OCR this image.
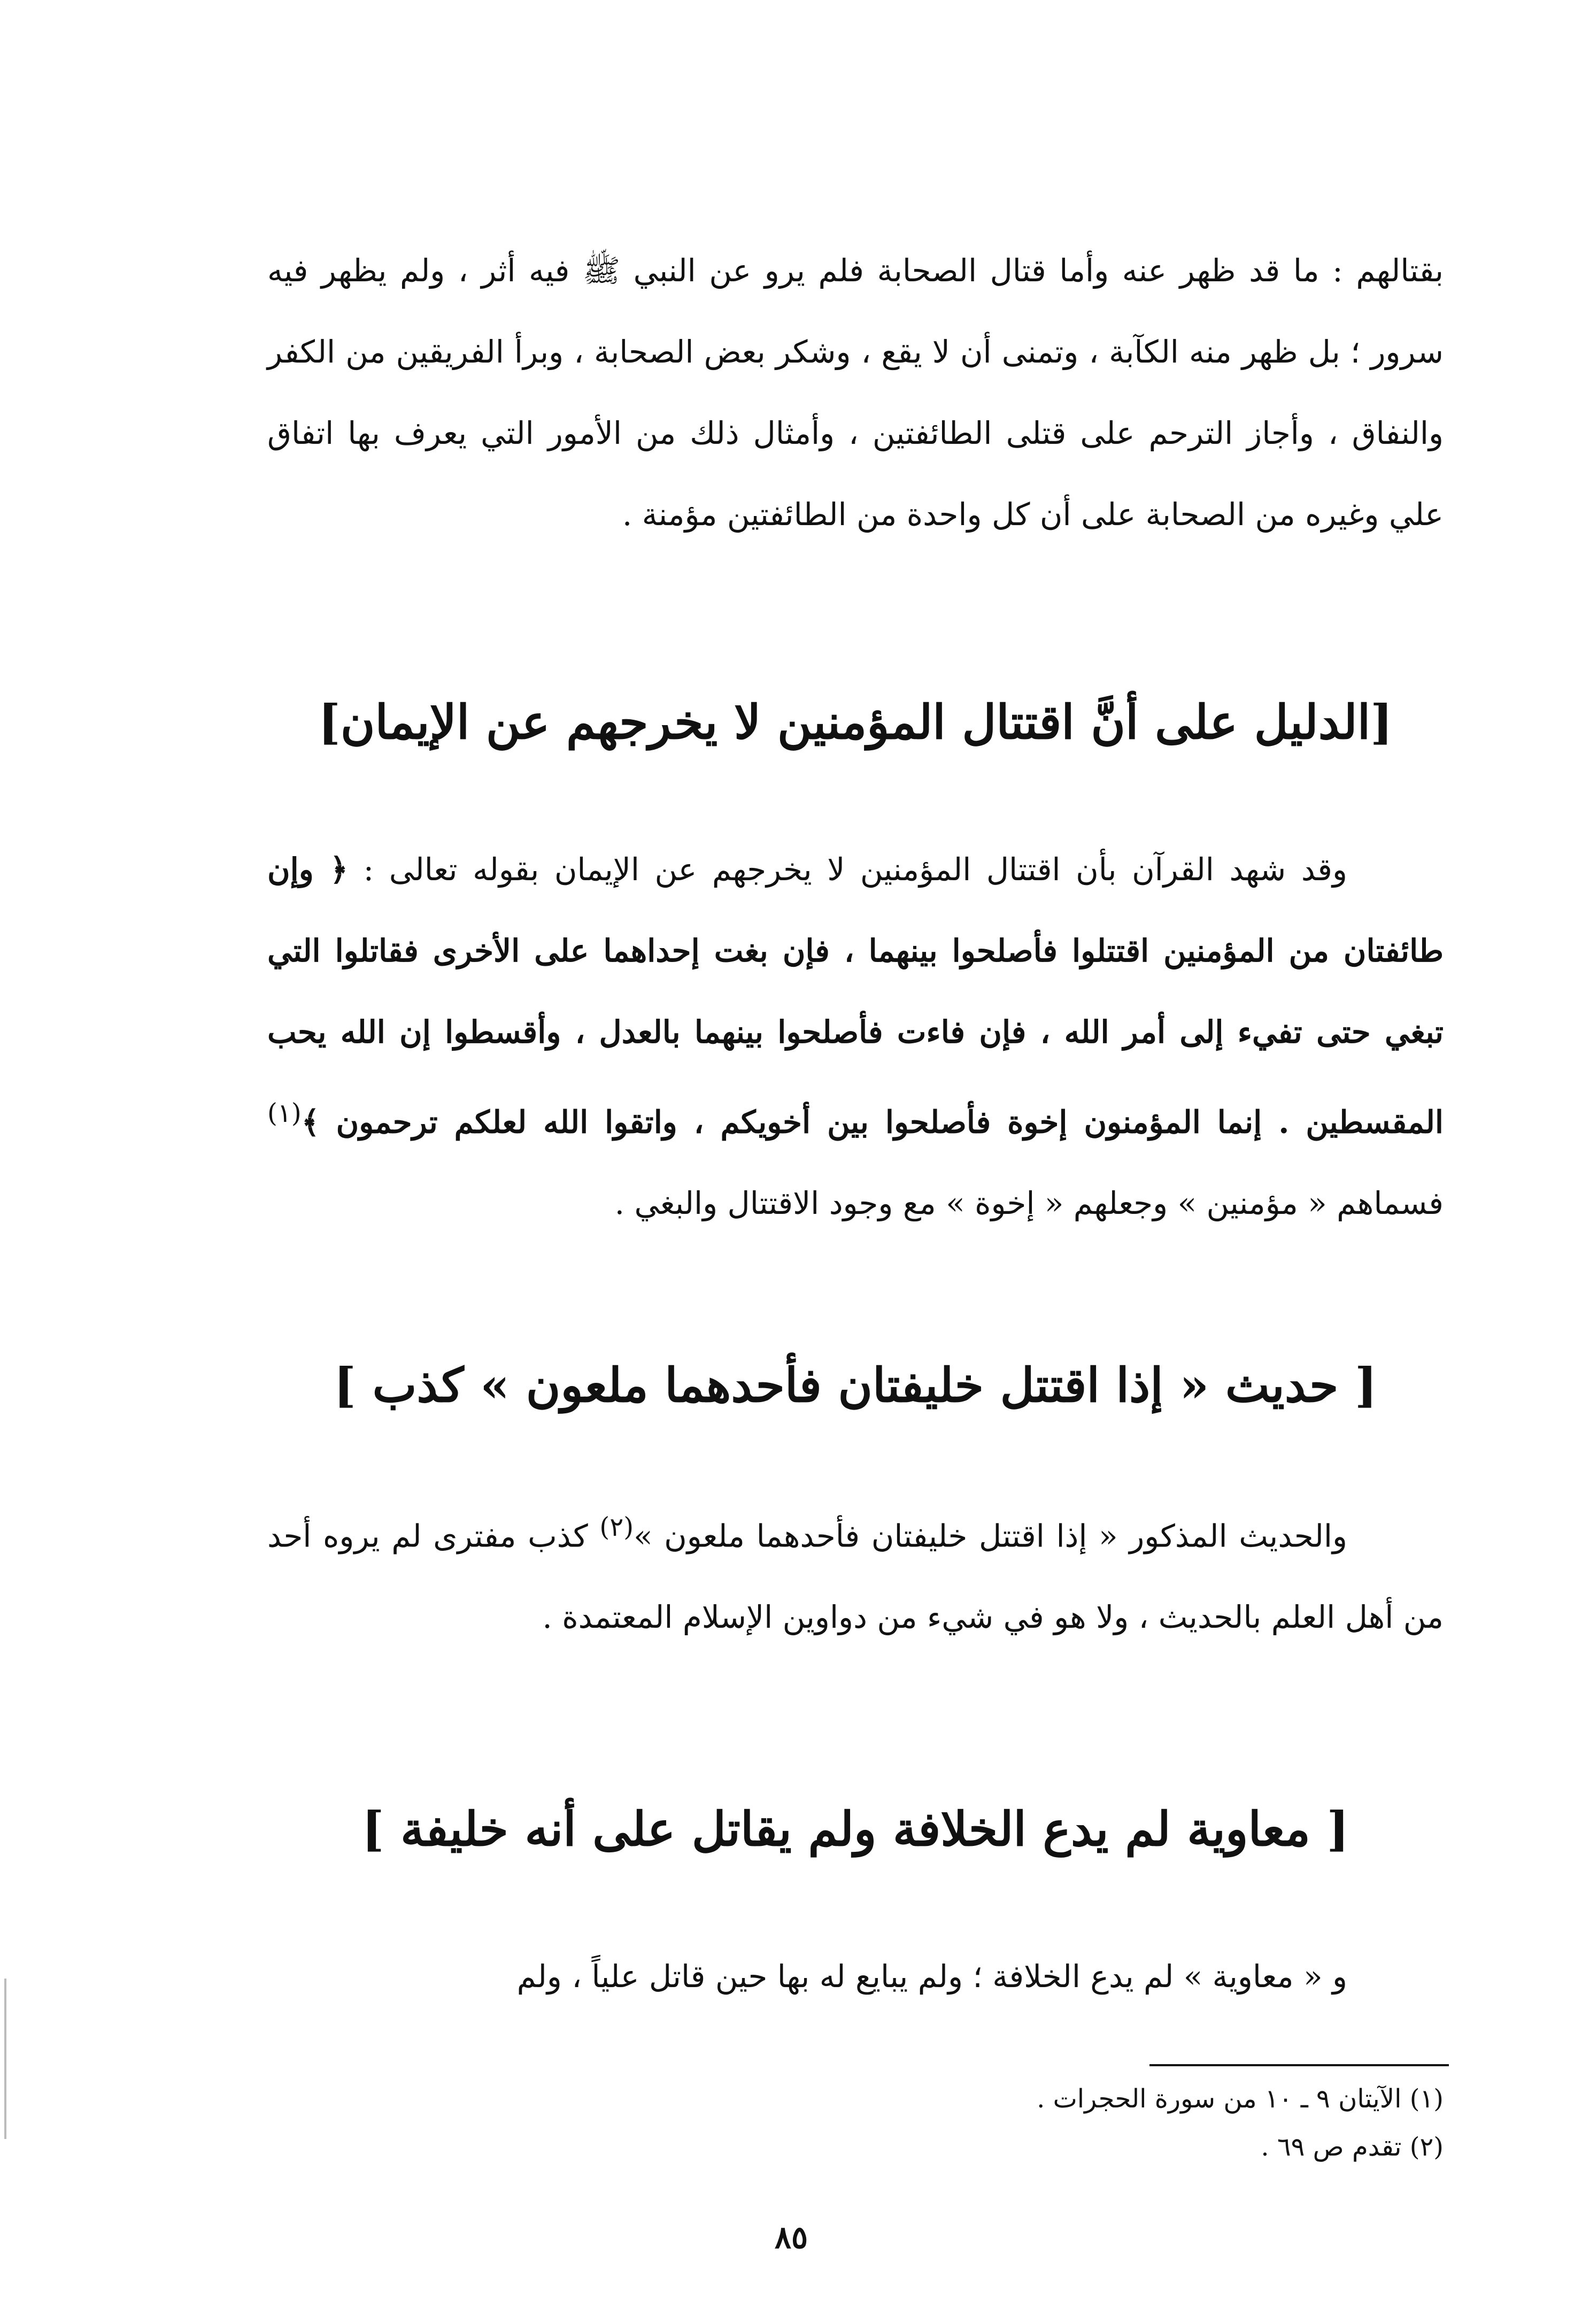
بقتالهم : ما قد ظهر عنه وأما قتال الصحابة فلم يرو عن النبي ﷺ فيه أثر ، ولم يظهر فيه سرور ؛ بل ظهر منه الكآبة ، وتمنى أن لا يقع ، وشكر بعض الصحابة ، وبرأ الفريقين من الكفر والنفاق ، وأجاز الترحم على قتلى الطائفتين ، وأمثال ذلك من الأمور التي يعرف بها اتفاق علي وغيره من الصحابة على أن كل واحدة من الطائفتين مؤمنة .

[الدليل على أنَّ اقتتال المؤمنين لا يخرجهم عن الإيمان]

وقد شهد القرآن بأن اقتتال المؤمنين لا يخرجهم عن الإيمان بقوله تعالى : ﴿ وإن طائفتان من المؤمنين اقتتلوا فأصلحوا بينهما ، فإن بغت إحداهما على الأخرى فقاتلوا التي تبغي حتى تفيء إلى أمر الله ، فإن فاءت فأصلحوا بينهما بالعدل ، وأقسطوا إن الله يحب المقسطين . إنما المؤمنون إخوة فأصلحوا بين أخويكم ، واتقوا الله لعلكم ترحمون ﴾$^{(١)}$ فسماهم « مؤمنين » وجعلهم « إخوة » مع وجود الاقتتال والبغي .

[ حديث « إذا اقتتل خليفتان فأحدهما ملعون » كذب ]

والحديث المذكور « إذا اقتتل خليفتان فأحدهما ملعون »$^{(٢)}$ كذب مفترى لم يروه أحد من أهل العلم بالحديث ، ولا هو في شيء من دواوين الإسلام المعتمدة .

[ معاوية لم يدع الخلافة ولم يقاتل على أنه خليفة ]

و « معاوية » لم يدع الخلافة ؛ ولم يبايع له بها حين قاتل علياً ، ولم

(١) الآيتان ٩ ـ ١٠ من سورة الحجرات .

(٢) تقدم ص ٦٩ .

٨٥
